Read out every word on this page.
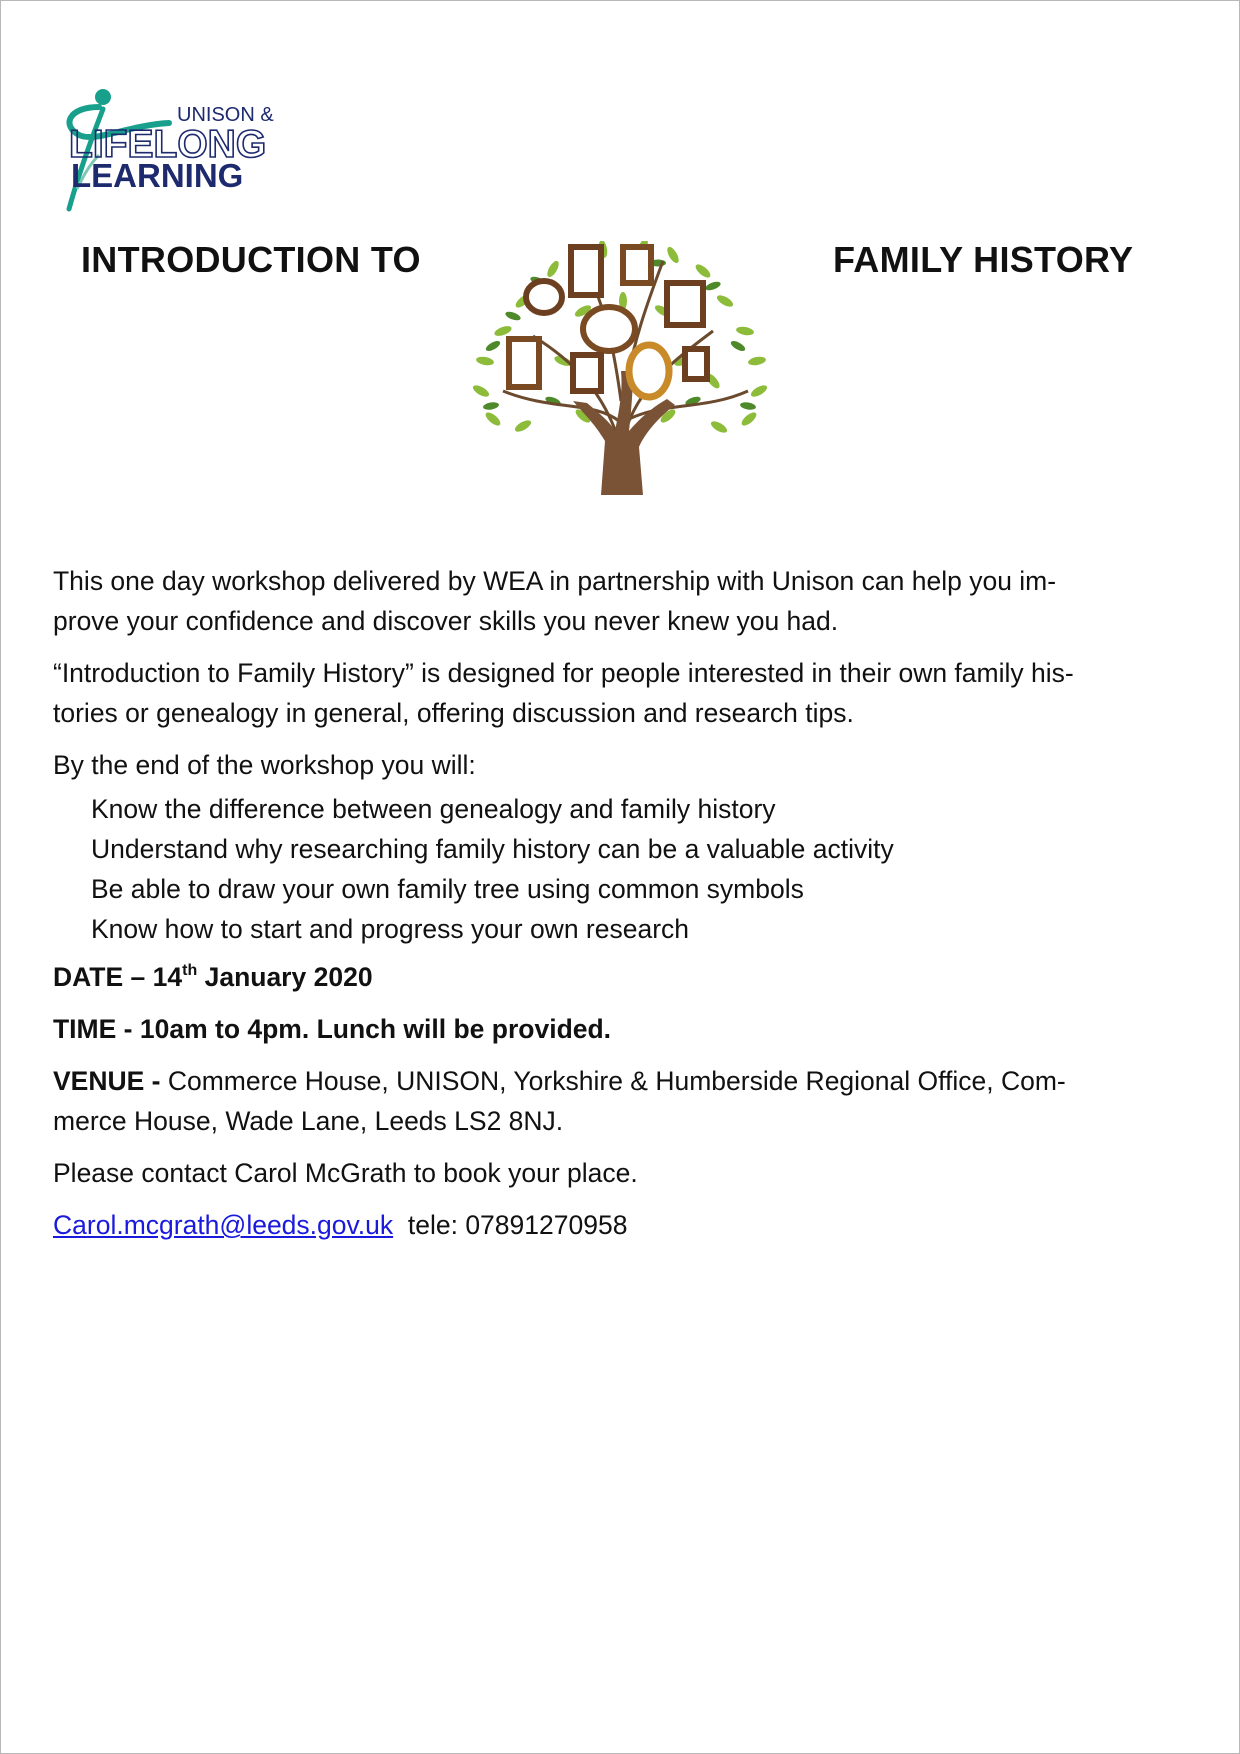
UNISON &
LIFELONG
LEARNING
INTRODUCTION TO	FAMILY HISTORY

This one day workshop delivered by WEA in partnership with Unison can help you im-
prove your confidence and discover skills you never knew you had.

“Introduction to Family History” is designed for people interested in their own family his-
tories or genealogy in general, offering discussion and research tips.

By the end of the workshop you will:

Know the difference between genealogy and family history
Understand why researching family history can be a valuable activity
Be able to draw your own family tree using common symbols
Know how to start and progress your own research

DATE – 14th January 2020

TIME - 10am to 4pm. Lunch will be provided.

VENUE - Commerce House, UNISON, Yorkshire & Humberside Regional Office, Com-
merce House, Wade Lane, Leeds LS2 8NJ.

Please contact Carol McGrath to book your place.

Carol.mcgrath@leeds.gov.uk  tele: 07891270958
